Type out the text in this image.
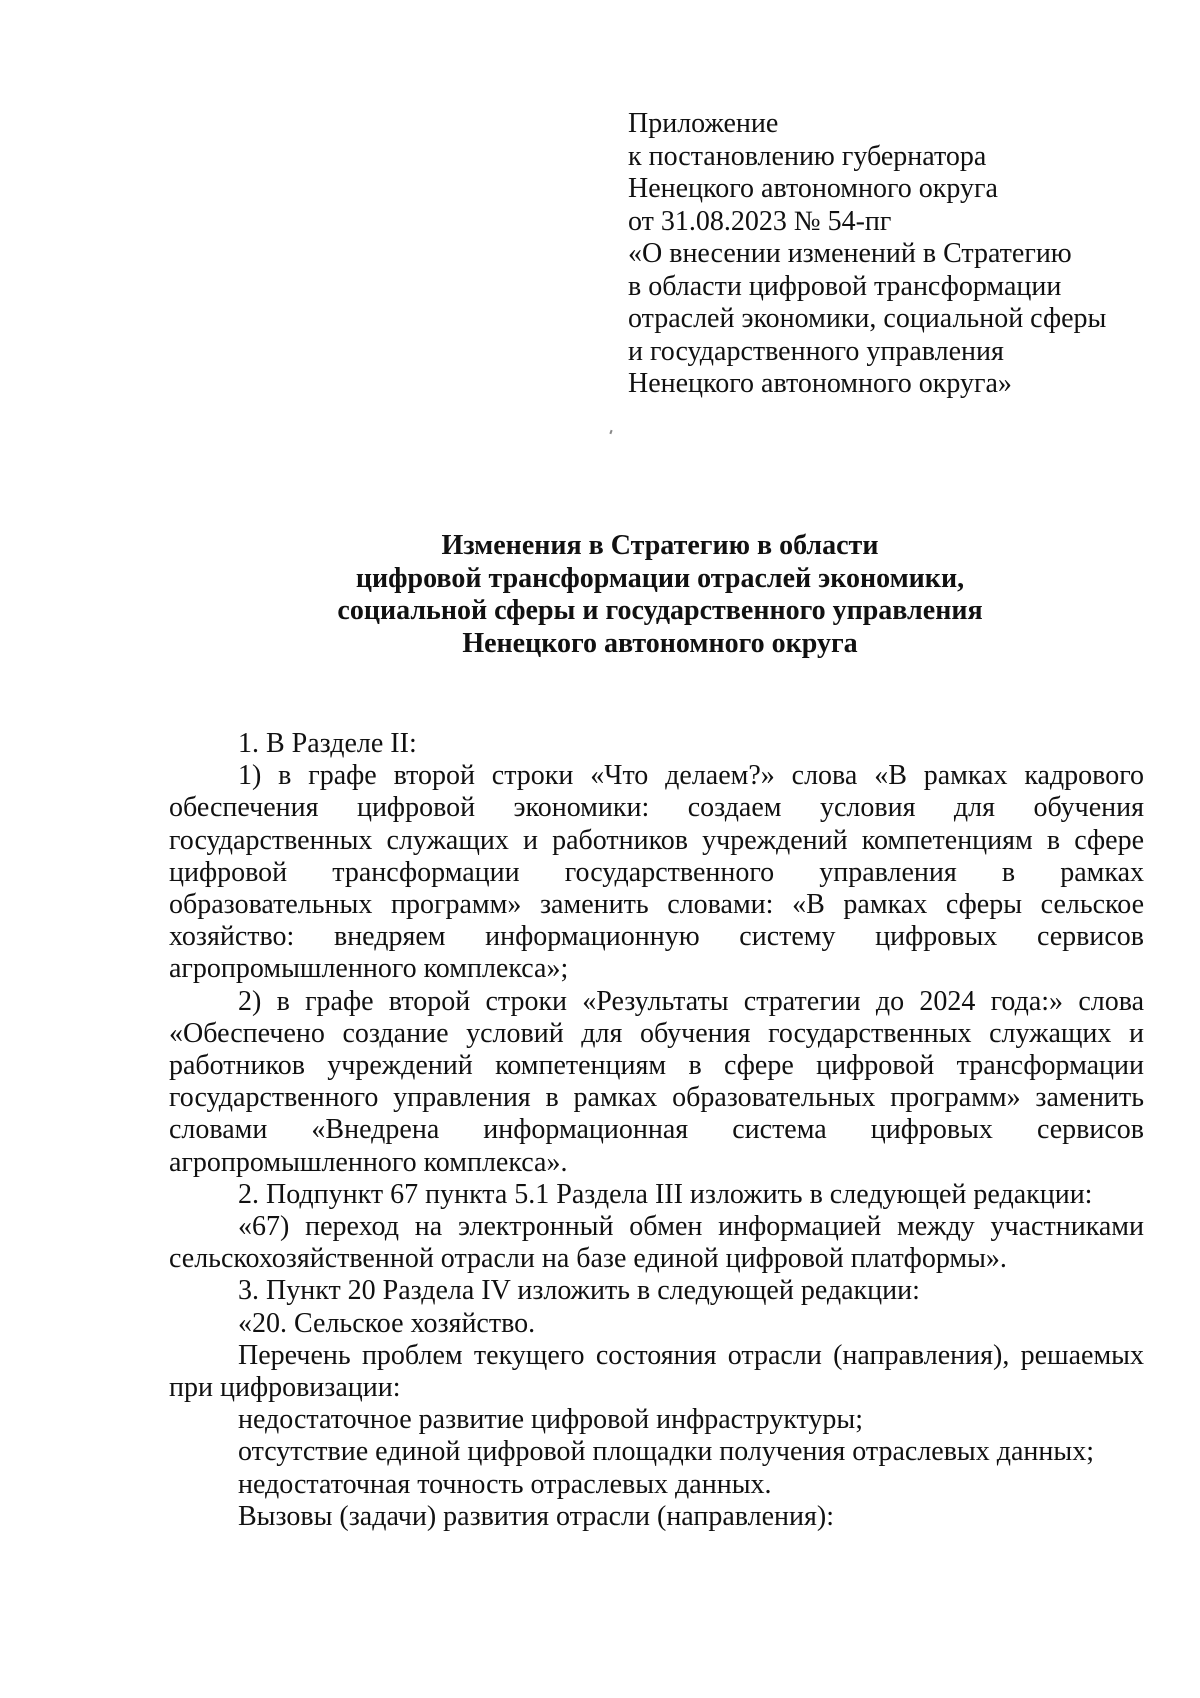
Приложение
к постановлению губернатора
Ненецкого автономного округа
от 31.08.2023 № 54-пг
«О внесении изменений в Стратегию
в области цифровой трансформации
отраслей экономики, социальной сферы
и государственного управления
Ненецкого автономного округа»
Изменения в Стратегию в области
цифровой трансформации отраслей экономики,
социальной сферы и государственного управления
Ненецкого автономного округа

1. В Разделе II:

1) в графе второй строки «Что делаем?» слова «В рамках кадрового обеспечения цифровой экономики: создаем условия для обучения государственных служащих и работников учреждений компетенциям в сфере цифровой трансформации государственного управления в рамках образовательных программ» заменить словами: «В рамках сферы сельское хозяйство: внедряем информационную систему цифровых сервисов агропромышленного комплекса»;

2) в графе второй строки «Результаты стратегии до 2024 года:» слова «Обеспечено создание условий для обучения государственных служащих и работников учреждений компетенциям в сфере цифровой трансформации государственного управления в рамках образовательных программ» заменить словами «Внедрена информационная система цифровых сервисов агропромышленного комплекса».

2. Подпункт 67 пункта 5.1 Раздела III изложить в следующей редакции:

«67) переход на электронный обмен информацией между участниками сельскохозяйственной отрасли на базе единой цифровой платформы».

3. Пункт 20 Раздела IV изложить в следующей редакции:

«20. Сельское хозяйство.

Перечень проблем текущего состояния отрасли (направления), решаемых при цифровизации:

недостаточное развитие цифровой инфраструктуры;

отсутствие единой цифровой площадки получения отраслевых данных;

недостаточная точность отраслевых данных.

Вызовы (задачи) развития отрасли (направления):
